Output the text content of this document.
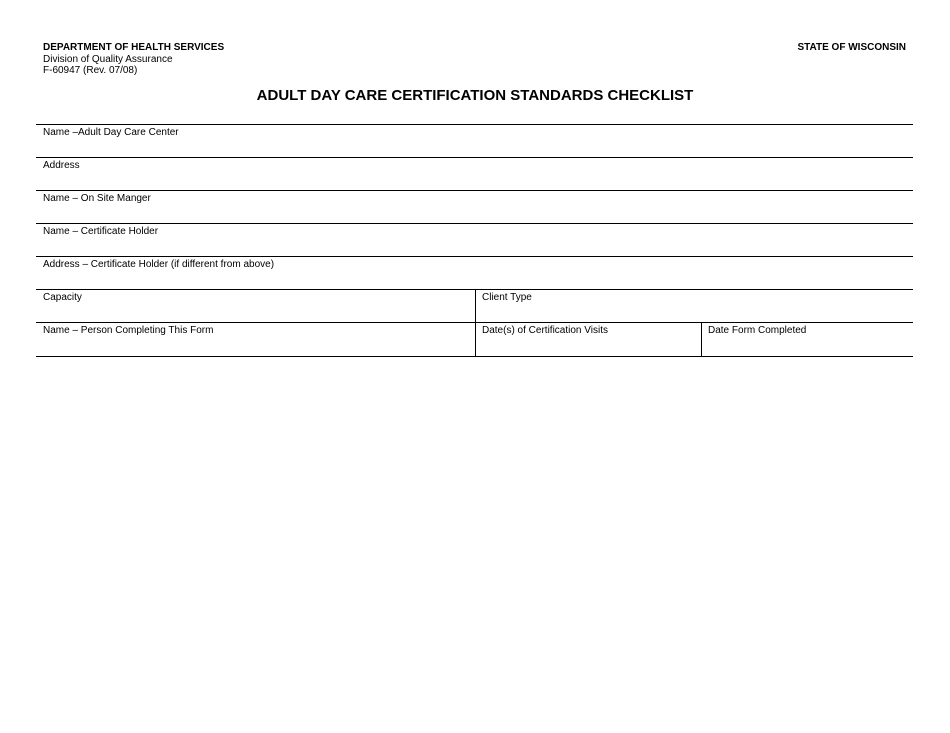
DEPARTMENT OF HEALTH SERVICES
Division of Quality Assurance
F-60947 (Rev. 07/08)
STATE OF WISCONSIN
ADULT DAY CARE CERTIFICATION STANDARDS CHECKLIST
Name –Adult Day Care Center
Address
Name – On Site Manger
Name – Certificate Holder
Address – Certificate Holder (if different from above)
Capacity	Client Type
Name – Person Completing This Form	Date(s) of Certification Visits	Date Form Completed
